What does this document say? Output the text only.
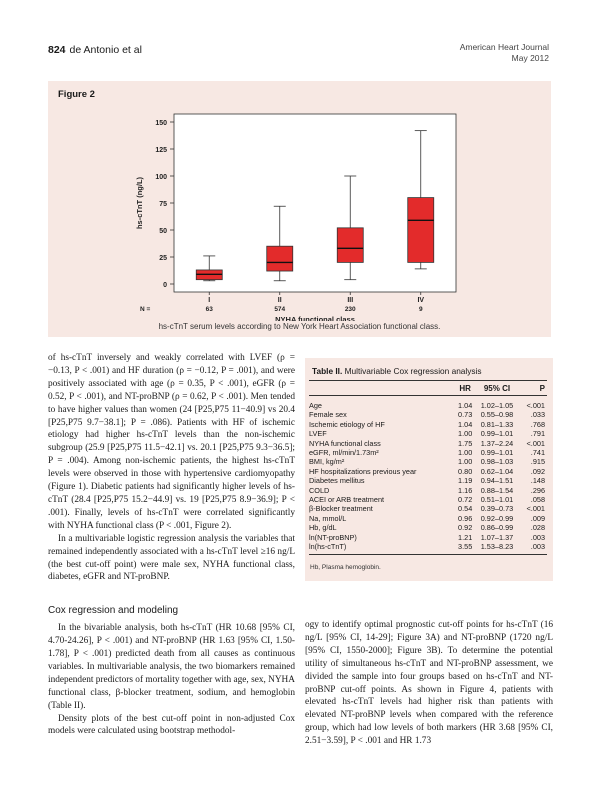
824 de Antonio et al	American Heart Journal
May 2012
Figure 2
0
25
50
75
100
125
150
hs-cTnT (ng/L)
I
63
II
574
III
230
IV
9
N =
NYHA functional class
hs-cTnT serum levels according to New York Heart Association functional class.

of hs-cTnT inversely and weakly correlated with LVEF (ρ = −0.13, P < .001) and HF duration (ρ = −0.12, P = .001), and were positively associated with age (ρ = 0.35, P < .001), eGFR (ρ = 0.52, P < .001), and NT-proBNP (ρ = 0.62, P < .001). Men tended to have higher values than women (24 [P25,P75 11−40.9] vs 20.4 [P25,P75 9.7−38.1]; P = .086). Patients with HF of ischemic etiology had higher hs-cTnT levels than the non-ischemic subgroup (25.9 [P25,P75 11.5−42.1] vs. 20.1 [P25,P75 9.3−36.5]; P = .004). Among non-ischemic patients, the highest hs-cTnT levels were observed in those with hypertensive cardiomyopathy (Figure 1). Diabetic patients had significantly higher levels of hs-cTnT (28.4 [P25,P75 15.2−44.9] vs. 19 [P25,P75 8.9−36.9]; P < .001). Finally, levels of hs-cTnT were correlated significantly with NYHA functional class (P < .001, Figure 2).

In a multivariable logistic regression analysis the variables that remained independently associated with a hs-cTnT level ≥16 ng/L (the best cut-off point) were male sex, NYHA functional class, diabetes, eGFR and NT-proBNP.

Cox regression and modeling

In the bivariable analysis, both hs-cTnT (HR 10.68 [95% CI, 4.70-24.26], P < .001) and NT-proBNP (HR 1.63 [95% CI, 1.50-1.78], P < .001) predicted death from all causes as continuous variables. In multivariable analysis, the two biomarkers remained independent predictors of mortality together with age, sex, NYHA functional class, β-blocker treatment, sodium, and hemoglobin (Table II).

Density plots of the best cut-off point in non-adjusted Cox models were calculated using bootstrap methodol-

Table II. Multivariable Cox regression analysis
	HR	95% CI	P
Age	1.04	1.02–1.05	<.001
Female sex	0.73	0.55–0.98	.033
Ischemic etiology of HF	1.04	0.81–1.33	.768
LVEF	1.00	0.99–1.01	.791
NYHA functional class	1.75	1.37–2.24	<.001
eGFR, ml/min/1.73m²	1.00	0.99–1.01	.741
BMI, kg/m²	1.00	0.98–1.03	.915
HF hospitalizations previous year	0.80	0.62–1.04	.092
Diabetes mellitus	1.19	0.94–1.51	.148
COLD	1.16	0.88–1.54	.296
ACEI or ARB treatment	0.72	0.51–1.01	.058
β-Blocker treatment	0.54	0.39–0.73	<.001
Na, mmol/L	0.96	0.92–0.99	.009
Hb, g/dL	0.92	0.86–0.99	.028
ln(NT-proBNP)	1.21	1.07–1.37	.003
ln(hs-cTnT)	3.55	1.53–8.23	.003
Hb, Plasma hemoglobin.

ogy to identify optimal prognostic cut-off points for hs-cTnT (16 ng/L [95% CI, 14-29]; Figure 3A) and NT-proBNP (1720 ng/L [95% CI, 1550-2000]; Figure 3B). To determine the potential utility of simultaneous hs-cTnT and NT-proBNP assessment, we divided the sample into four groups based on hs-cTnT and NT-proBNP cut-off points. As shown in Figure 4, patients with elevated hs-cTnT levels had higher risk than patients with elevated NT-proBNP levels when compared with the reference group, which had low levels of both markers (HR 3.68 [95% CI, 2.51−3.59], P < .001 and HR 1.73
